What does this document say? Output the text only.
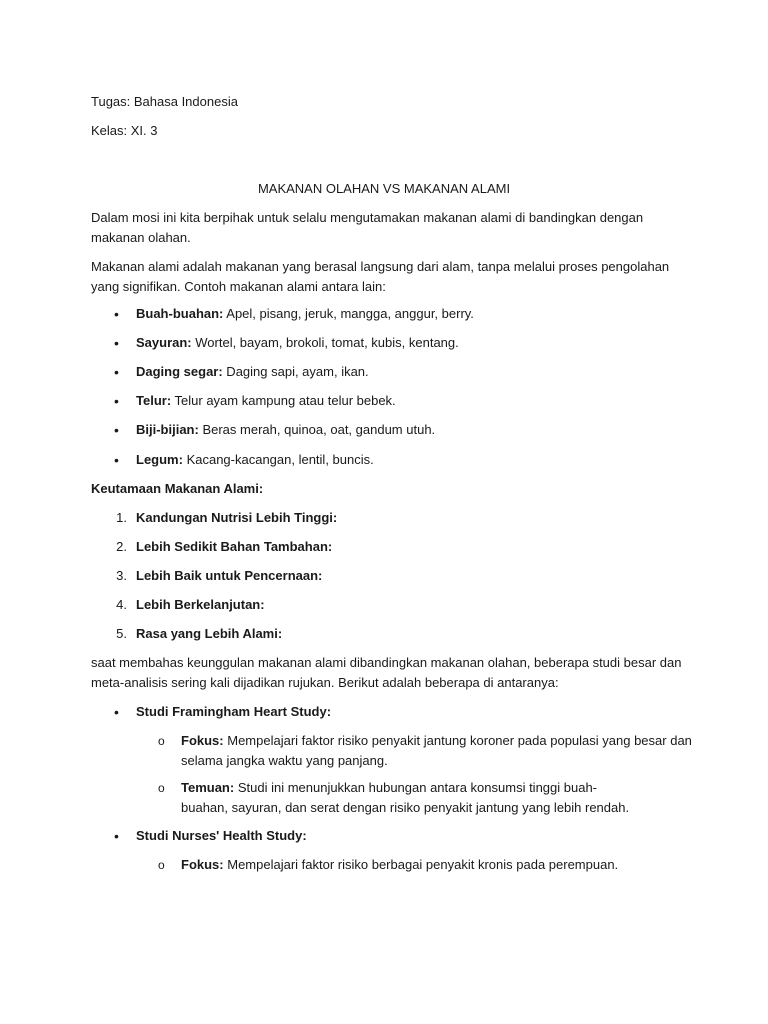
Tugas: Bahasa Indonesia
Kelas: XI. 3
MAKANAN OLAHAN VS MAKANAN ALAMI
Dalam mosi ini kita berpihak untuk selalu mengutamakan makanan alami di bandingkan dengan makanan olahan.
Makanan alami adalah makanan yang berasal langsung dari alam, tanpa melalui proses pengolahan yang signifikan. Contoh makanan alami antara lain:
•	Buah-buahan: Apel, pisang, jeruk, mangga, anggur, berry.
•	Sayuran: Wortel, bayam, brokoli, tomat, kubis, kentang.
•	Daging segar: Daging sapi, ayam, ikan.
•	Telur: Telur ayam kampung atau telur bebek.
•	Biji-bijian: Beras merah, quinoa, oat, gandum utuh.
•	Legum: Kacang-kacangan, lentil, buncis.
Keutamaan Makanan Alami:
1. Kandungan Nutrisi Lebih Tinggi:
2. Lebih Sedikit Bahan Tambahan:
3. Lebih Baik untuk Pencernaan:
4. Lebih Berkelanjutan:
5. Rasa yang Lebih Alami:
saat membahas keunggulan makanan alami dibandingkan makanan olahan, beberapa studi besar dan meta-analisis sering kali dijadikan rujukan. Berikut adalah beberapa di antaranya:
•	Studi Framingham Heart Study:
o Fokus: Mempelajari faktor risiko penyakit jantung koroner pada populasi yang besar dan selama jangka waktu yang panjang.
o Temuan: Studi ini menunjukkan hubungan antara konsumsi tinggi buah-buahan, sayuran, dan serat dengan risiko penyakit jantung yang lebih rendah.
•	Studi Nurses' Health Study:
o Fokus: Mempelajari faktor risiko berbagai penyakit kronis pada perempuan.
